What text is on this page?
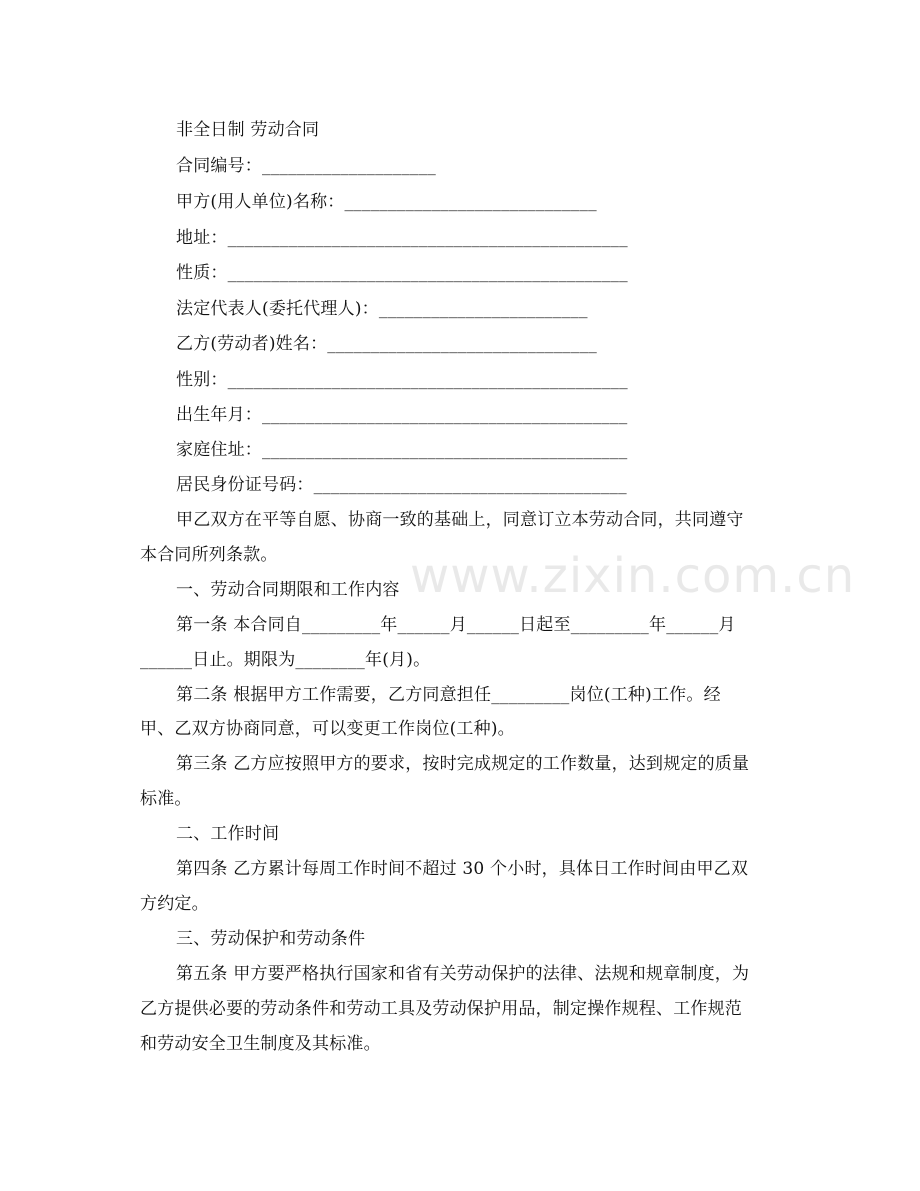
www.zixin.com.cn
非全日制 劳动合同
合同编号：____________________
甲方(用人单位)名称：_____________________________
地址：______________________________________________
性质：______________________________________________
法定代表人(委托代理人)：________________________
乙方(劳动者)姓名：_______________________________
性别：______________________________________________
出生年月：__________________________________________
家庭住址：__________________________________________
居民身份证号码：____________________________________
甲乙双方在平等自愿、协商一致的基础上，同意订立本劳动合同，共同遵守
本合同所列条款。
一、劳动合同期限和工作内容
第一条 本合同自_________年______月______日起至_________年______月
______日止。期限为________年(月)。
第二条 根据甲方工作需要，乙方同意担任_________岗位(工种)工作。经
甲、乙双方协商同意，可以变更工作岗位(工种)。
第三条 乙方应按照甲方的要求，按时完成规定的工作数量，达到规定的质量
标准。
二、工作时间
第四条 乙方累计每周工作时间不超过 30 个小时，具体日工作时间由甲乙双
方约定。
三、劳动保护和劳动条件
第五条 甲方要严格执行国家和省有关劳动保护的法律、法规和规章制度，为
乙方提供必要的劳动条件和劳动工具及劳动保护用品，制定操作规程、工作规范
和劳动安全卫生制度及其标准。
